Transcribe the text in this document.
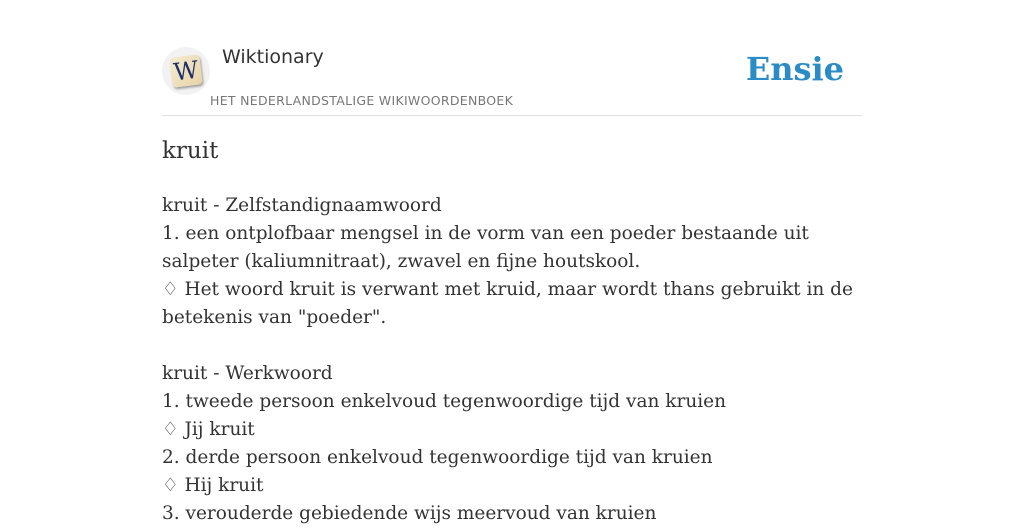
W Wiktionary
HET NEDERLANDSTALIGE WIKIWOORDENBOEK
Ensie
kruit
kruit - Zelfstandignaamwoord
1. een ontplofbaar mengsel in de vorm van een poeder bestaande uit salpeter (kaliumnitraat), zwavel en fijne houtskool.
♢ Het woord kruit is verwant met kruid, maar wordt thans gebruikt in de betekenis van "poeder".
kruit - Werkwoord
1. tweede persoon enkelvoud tegenwoordige tijd van kruien
♢ Jij kruit
2. derde persoon enkelvoud tegenwoordige tijd van kruien
♢ Hij kruit
3. verouderde gebiedende wijs meervoud van kruien
